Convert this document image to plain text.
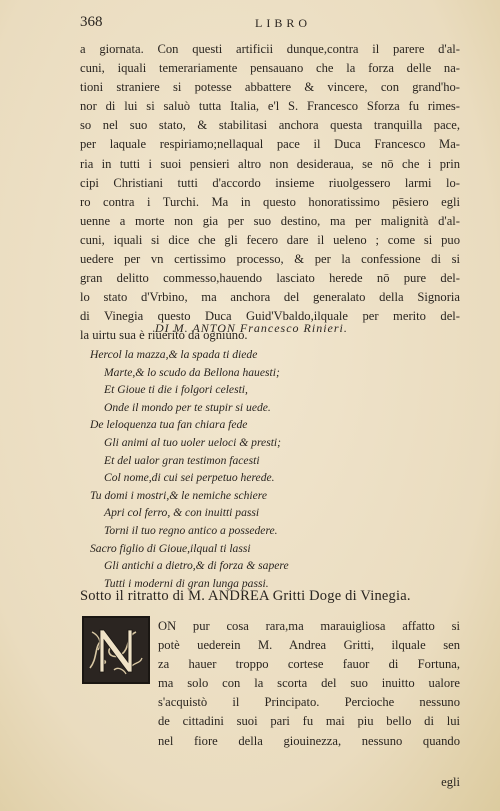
368	LIBRO
a giornata. Con questi artificii dunque,contra il parere d'al-
cuni, iquali temerariamente pensauano che la forza delle na-
tioni straniere si potesse abbattere & vincere, con grand'ho-
nor di lui si saluò tutta Italia, e'l S. Francesco Sforza fu rimes-
so nel suo stato, & stabilitasi anchora questa tranquilla pace,
per laquale respiriamo;nellaqual pace il Duca Francesco Ma-
ria in tutti i suoi pensieri altro non desideraua, se nō che i prin
cipi Christiani tutti d'accordo insieme riuolgessero larmi lo-
ro contra i Turchi. Ma in questo honoratissimo pēsiero egli
uenne a morte non gia per suo destino, ma per malignità d'al-
cuni, iquali si dice che gli fecero dare il ueleno ; come si puo
uedere per vn certissimo processo, & per la confessione di si
gran delitto commesso,hauendo lasciato herede nō pure del-
lo stato d'Vrbino, ma anchora del generalato della Signoria
di Vinegia questo Duca Guid'Vbaldo,ilquale per merito del-
la uirtu sua è riuerito da ogniuno.
DI M. ANTON Francesco Rinieri.
Hercol la mazza,& la spada ti diede
Marte,& lo scudo da Bellona hauesti;
Et Gioue ti die i folgori celesti,
Onde il mondo per te stupir si uede.
De leloquenza tua fan chiara fede
Gli animi al tuo uoler ueloci & presti;
Et del ualor gran testimon facesti
Col nome,di cui sei perpetuo herede.
Tu domi i mostri,& le nemiche schiere
Apri col ferro, & con inuitti passi
Torni il tuo regno antico a possedere.
Sacro figlio di Gioue,ilqual ti lassi
Gli antichi a dietro,& di forza & sapere
Tutti i moderni di gran lunga passi.
Sotto il ritratto di M. ANDREA Gritti Doge di Vinegia.
ON pur cosa rara,ma marauigliosa affatto si
potè uederein M. Andrea Gritti, ilquale sen
za hauer troppo cortese fauor di Fortuna,
ma solo con la scorta del suo inuitto ualore
s'acquistò il Principato. Percioche nessuno
de cittadini suoi pari fu mai piu bello di lui
nel fiore della giouinezza, nessuno quando
egli
